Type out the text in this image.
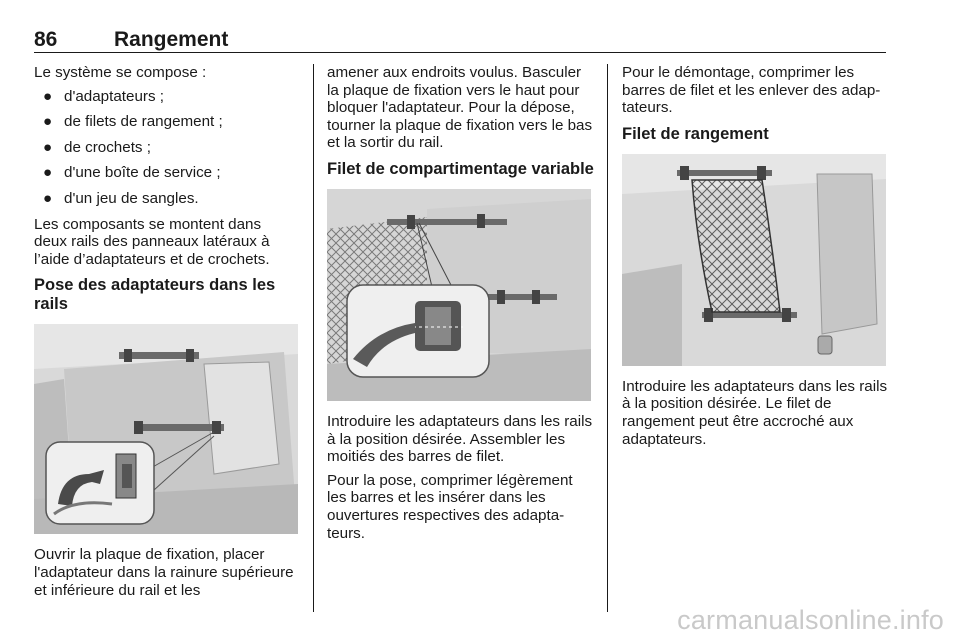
86	Rangement

Le système se compose :

● d'adaptateurs ;
● de filets de rangement ;
● de crochets ;
● d'une boîte de service ;
● d'un jeu de sangles.

Les composants se montent dans deux rails des panneaux latéraux à l’aide d’adaptateurs et de crochets.

Pose des adaptateurs dans les rails

Ouvrir la plaque de fixation, placer l'adaptateur dans la rainure supérieure et inférieure du rail et les

amener aux endroits voulus. Basculer la plaque de fixation vers le haut pour bloquer l'adaptateur. Pour la dépose, tourner la plaque de fixation vers le bas et la sortir du rail.

Filet de compartimentage variable

Introduire les adaptateurs dans les rails à la position désirée. Assembler les moitiés des barres de filet.

Pour la pose, comprimer légèrement les barres et les insérer dans les ouvertures respectives des adaptateurs.

Pour le démontage, comprimer les barres de filet et les enlever des adaptateurs.

Filet de rangement

Introduire les adaptateurs dans les rails à la position désirée. Le filet de rangement peut être accroché aux adaptateurs.

carmanualsonline.info
